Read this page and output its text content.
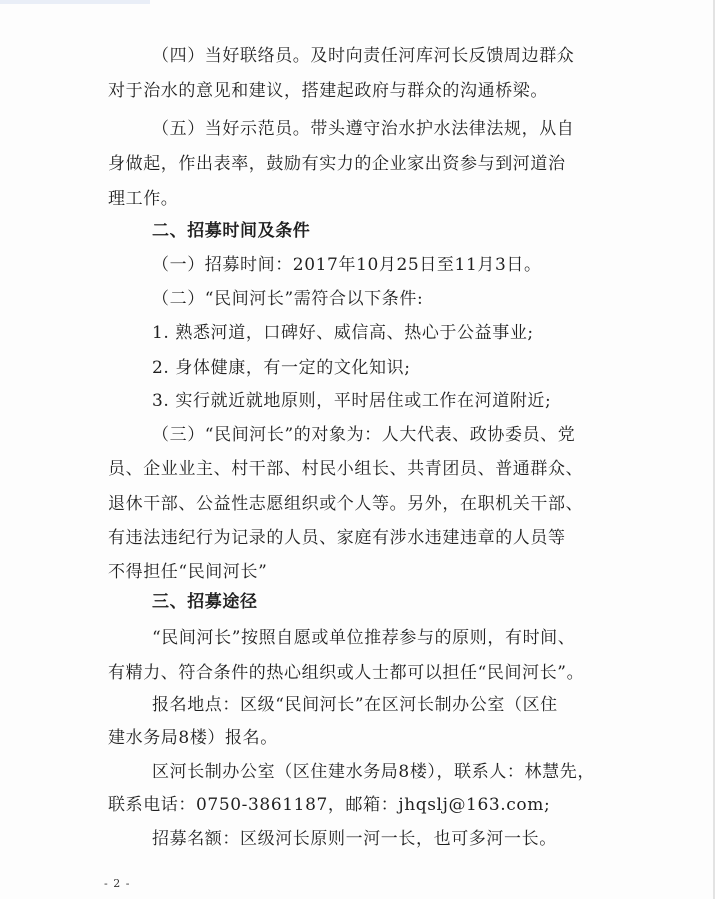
（四）当好联络员。及时向责任河库河长反馈周边群众
对于治水的意见和建议，搭建起政府与群众的沟通桥梁。
（五）当好示范员。带头遵守治水护水法律法规，从自
身做起，作出表率，鼓励有实力的企业家出资参与到河道治
理工作。
二、招募时间及条件
（一）招募时间：2017年10月25日至11月3日。
（二）“民间河长”需符合以下条件:
1. 熟悉河道，口碑好、威信高、热心于公益事业;
2. 身体健康，有一定的文化知识;
3. 实行就近就地原则，平时居住或工作在河道附近;
（三）“民间河长”的对象为：人大代表、政协委员、党
员、企业业主、村干部、村民小组长、共青团员、普通群众、
退休干部、公益性志愿组织或个人等。另外，在职机关干部、
有违法违纪行为记录的人员、家庭有涉水违建违章的人员等
不得担任“民间河长”
三、招募途径
“民间河长”按照自愿或单位推荐参与的原则，有时间、
有精力、符合条件的热心组织或人士都可以担任“民间河长”。
报名地点：区级“民间河长”在区河长制办公室（区住
建水务局8楼）报名。
区河长制办公室（区住建水务局8楼），联系人：林慧先，
联系电话：0750-3861187，邮箱：jhqslj@163.com;
招募名额：区级河长原则一河一长，也可多河一长。
- 2 -
